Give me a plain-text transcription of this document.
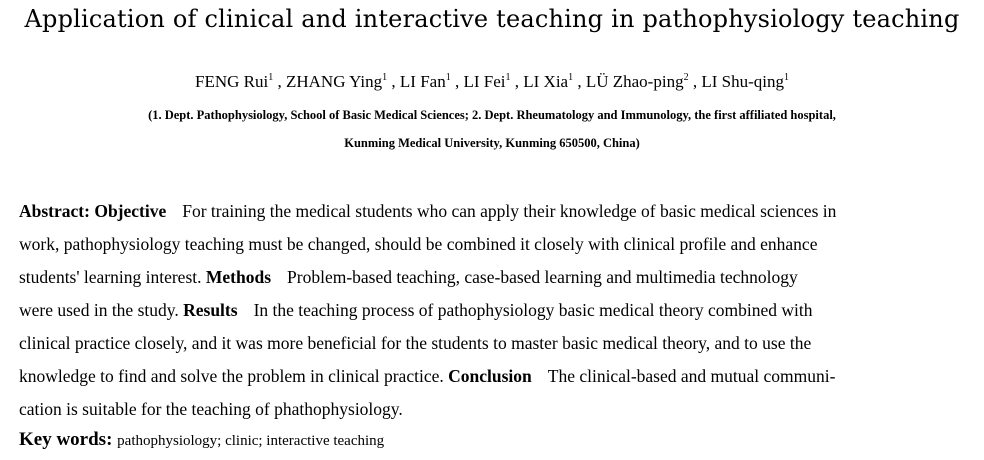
Application of clinical and interactive teaching in pathophysiology teaching
FENG Rui$^1$ , ZHANG Ying$^1$ , LI Fan$^1$ , LI Fei$^1$ , LI Xia$^1$ , LÜ Zhao-ping$^2$ , LI Shu-qing$^1$
(1. Dept. Pathophysiology, School of Basic Medical Sciences; 2. Dept. Rheumatology and Immunology, the first affiliated hospital,
Kunming Medical University, Kunming 650500, China)
Abstract: Objective For training the medical students who can apply their knowledge of basic medical sciences in
work, pathophysiology teaching must be changed, should be combined it closely with clinical profile and enhance
students' learning interest. Methods Problem-based teaching, case-based learning and multimedia technology
were used in the study. Results In the teaching process of pathophysiology basic medical theory combined with
clinical practice closely, and it was more beneficial for the students to master basic medical theory, and to use the
knowledge to find and solve the problem in clinical practice. Conclusion The clinical-based and mutual communi-
cation is suitable for the teaching of phathophysiology.
Key words: pathophysiology; clinic; interactive teaching
